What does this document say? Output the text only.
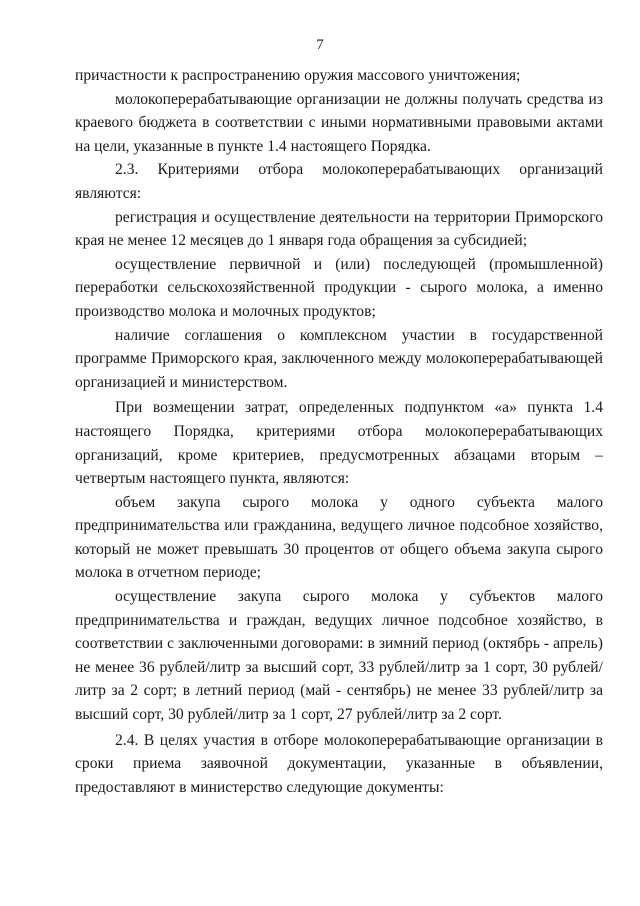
7

причастности к распространению оружия массового уничтожения;

молокоперерабатывающие организации не должны получать средства из краевого бюджета в соответствии с иными нормативными правовыми актами на цели, указанные в пункте 1.4 настоящего Порядка.

2.3. Критериями отбора молокоперерабатывающих организаций являются:

регистрация и осуществление деятельности на территории Приморского края не менее 12 месяцев до 1 января года обращения за субсидией;

осуществление первичной и (или) последующей (промышленной) переработки сельскохозяйственной продукции - сырого молока, а именно производство молока и молочных продуктов;

наличие соглашения о комплексном участии в государственной программе Приморского края, заключенного между молокоперерабатывающей организацией и министерством.

При возмещении затрат, определенных подпунктом «а» пункта 1.4 настоящего Порядка, критериями отбора молокоперерабатывающих организаций, кроме критериев, предусмотренных абзацами вторым – четвертым настоящего пункта, являются:

объем закупа сырого молока у одного субъекта малого предпринимательства или гражданина, ведущего личное подсобное хозяйство, который не может превышать 30 процентов от общего объема закупа сырого молока в отчетном периоде;

осуществление закупа сырого молока у субъектов малого предпринимательства и граждан, ведущих личное подсобное хозяйство, в соответствии с заключенными договорами: в зимний период (октябрь - апрель) не менее 36 рублей/литр за высший сорт, 33 рублей/литр за 1 сорт, 30 рублей/литр за 2 сорт; в летний период (май - сентябрь) не менее 33 рублей/литр за высший сорт, 30 рублей/литр за 1 сорт, 27 рублей/литр за 2 сорт.

2.4. В целях участия в отборе молокоперерабатывающие организации в сроки приема заявочной документации, указанные в объявлении, предоставляют в министерство следующие документы:
